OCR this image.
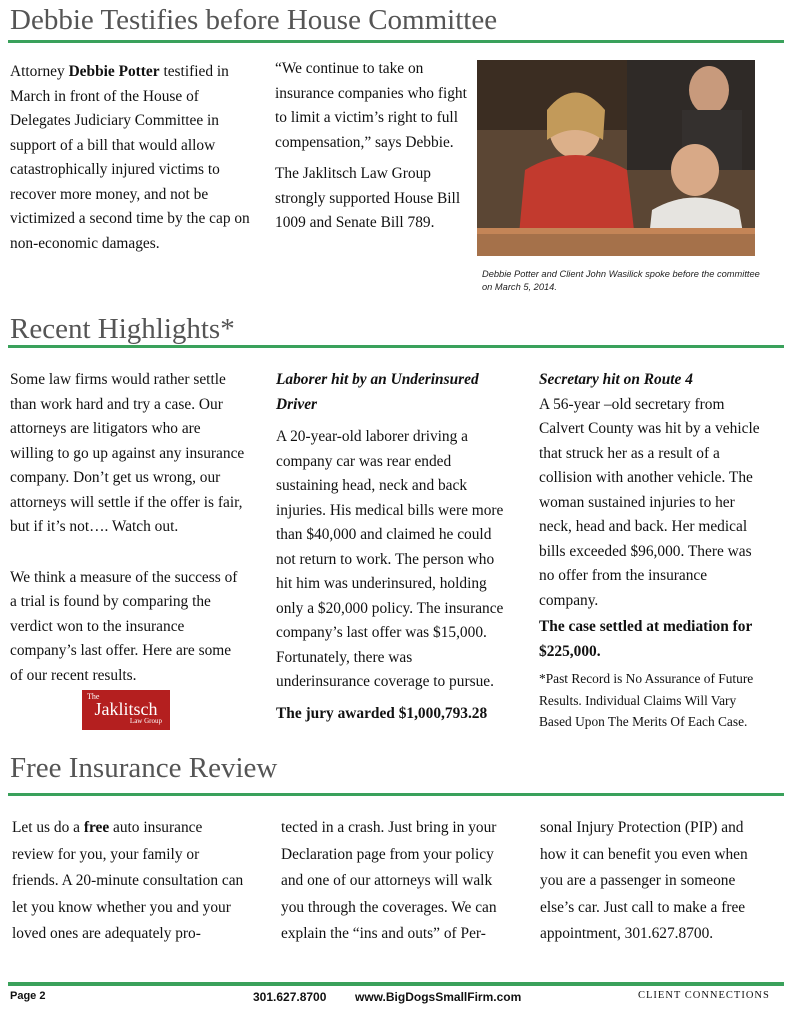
Debbie Testifies before House Committee

Attorney Debbie Potter testified in March in front of the House of Delegates Judiciary Committee in support of a bill that would allow catastrophically injured victims to recover more money, and not be victimized a second time by the cap on non-economic damages.

“We continue to take on insurance companies who fight to limit a victim’s right to full compensation,” says Debbie.

The Jaklitsch Law Group strongly supported House Bill 1009 and Senate Bill 789.

Debbie Potter and Client John Wasilick spoke before the committee on March 5, 2014.
Recent Highlights*

Some law firms would rather settle than work hard and try a case. Our attorneys are litigators who are willing to go up against any insurance company. Don’t get us wrong, our attorneys will settle if the offer is fair, but if it’s not…. Watch out.

We think a measure of the success of a trial is found by comparing the verdict won to the insurance company’s last offer. Here are some of our recent results.

The
Jaklitsch
Law Group

Laborer hit by an Underinsured Driver

A 20-year-old laborer driving a company car was rear ended sustaining head, neck and back injuries. His medical bills were more than $40,000 and claimed he could not return to work. The person who hit him was underinsured, holding only a $20,000 policy. The insurance company’s last offer was $15,000. Fortunately, there was underinsurance coverage to pursue.

The jury awarded $1,000,793.28

Secretary hit on Route 4

A 56-year –old secretary from Calvert County was hit by a vehicle that struck her as a result of a collision with another vehicle. The woman sustained injuries to her neck, head and back. Her medical bills exceeded $96,000. There was no offer from the insurance company.

The case settled at mediation for $225,000.

*Past Record is No Assurance of Future Results. Individual Claims Will Vary Based Upon The Merits Of Each Case.

Free Insurance Review

Let us do a free auto insurance review for you, your family or friends. A 20-minute consultation can let you know whether you and your loved ones are adequately pro-

tected in a crash. Just bring in your Declaration page from your policy and one of our attorneys will walk you through the coverages. We can explain the “ins and outs” of Per-

sonal Injury Protection (PIP) and how it can benefit you even when you are a passenger in someone else’s car. Just call to make a free appointment, 301.627.8700.

Page 2	301.627.8700 www.BigDogsSmallFirm.com	CLIENT CONNECTIONS
